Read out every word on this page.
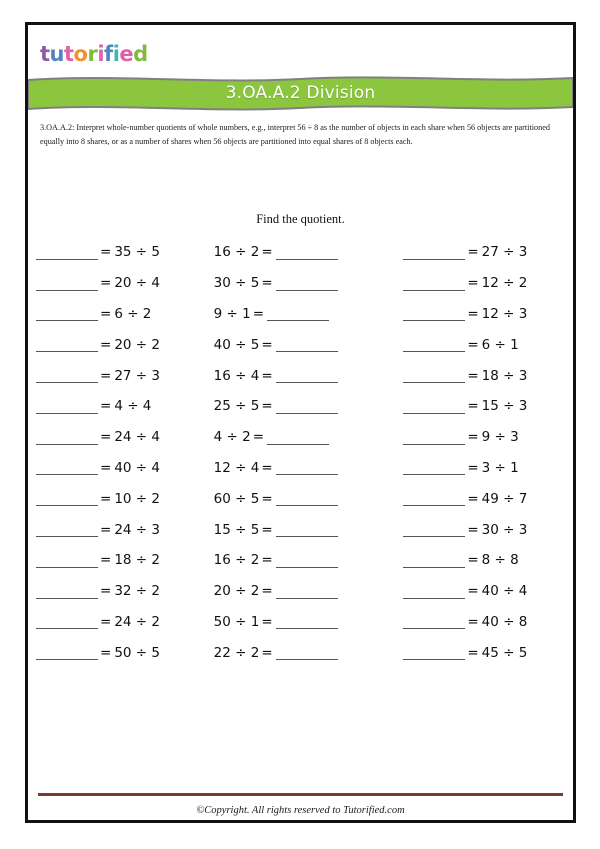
tutorified
3.OA.A.2 Division
3.OA.A.2: Interpret whole-number quotients of whole numbers, e.g., interpret 56 ÷ 8 as the number of objects in each share when 56 objects are partitioned equally into 8 shares, or as a number of shares when 56 objects are partitioned into equal shares of 8 objects each.
Find the quotient.
= 35 ÷ 5
= 20 ÷ 4
= 6 ÷ 2
= 20 ÷ 2
= 27 ÷ 3
= 4 ÷ 4
= 24 ÷ 4
= 40 ÷ 4
= 10 ÷ 2
= 24 ÷ 3
= 18 ÷ 2
= 32 ÷ 2
= 24 ÷ 2
= 50 ÷ 5
16 ÷ 2 =
30 ÷ 5 =
9 ÷ 1 =
40 ÷ 5 =
16 ÷ 4 =
25 ÷ 5 =
4 ÷ 2 =
12 ÷ 4 =
60 ÷ 5 =
15 ÷ 5 =
16 ÷ 2 =
20 ÷ 2 =
50 ÷ 1 =
22 ÷ 2 =
= 27 ÷ 3
= 12 ÷ 2
= 12 ÷ 3
= 6 ÷ 1
= 18 ÷ 3
= 15 ÷ 3
= 9 ÷ 3
= 3 ÷ 1
= 49 ÷ 7
= 30 ÷ 3
= 8 ÷ 8
= 40 ÷ 4
= 40 ÷ 8
= 45 ÷ 5
©Copyright. All rights reserved to Tutorified.com
